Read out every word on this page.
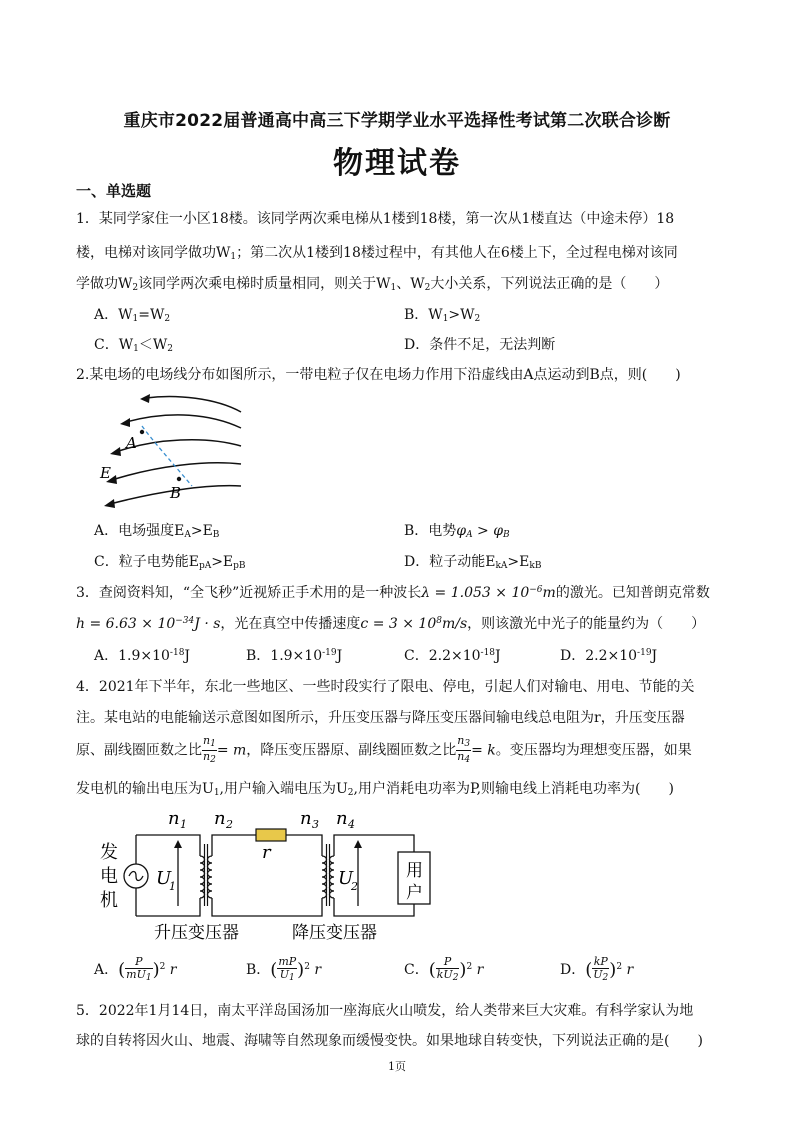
重庆市2022届普通高中高三下学期学业水平选择性考试第二次联合诊断
物理试卷
一、单选题
1．某同学家住一小区18楼。该同学两次乘电梯从1楼到18楼，第一次从1楼直达（中途未停）18
楼，电梯对该同学做功$W_1$；第二次从1楼到18楼过程中，有其他人在6楼上下，全过程电梯对该同
学做功$W_2$该同学两次乘电梯时质量相同，则关于$W_1$、$W_2$大小关系，下列说法正确的是（　　）
A．$W_1=W_2$	B．$W_1>W_2$
C．$W_1<W_2$	D．条件不足，无法判断
2.某电场的电场线分布如图所示，一带电粒子仅在电场力作用下沿虚线由A点运动到B点，则(　　)
A
B
E
A．电场强度$E_A>E_B$	B．电势$\varphi_A > \varphi_B$
C．粒子电势能$E_{pA}>E_{pB}$	D．粒子动能$E_{kA}>E_{kB}$
3．查阅资料知，“全飞秒”近视矫正手术用的是一种波长$\lambda = 1.053 \times 10^{-6}m$的激光。已知普朗克常数
$h = 6.63 \times 10^{-34}J \cdot s$，光在真空中传播速度$c = 3 \times 10^8m/s$，则该激光中光子的能量约为（　　）
A．$1.9\times 10^{-18}J$	B．$1.9\times 10^{-19}J$	C．$2.2\times 10^{-18}J$	D．$2.2\times 10^{-19}J$
4．2021年下半年，东北一些地区、一些时段实行了限电、停电，引起人们对输电、用电、节能的关
注。某电站的电能输送示意图如图所示，升压变压器与降压变压器间输电线总电阻为r，升压变压器
原、副线圈匝数之比 $\frac{n_1}{n_2} = m$，降压变压器原、副线圈匝数之比 $\frac{n_3}{n_4} = k$。变压器均为理想变压器，如果
发电机的输出电压为$U_1$,用户输入端电压为$U_2$,用户消耗电功率为P,则输电线上消耗电功率为(　　)
发
电
机
n n	n n
r
U	U
1	2	3	4
1	2
用
户
升压变压器	降压变压器
A．( $\frac{P}{mU_1} )^2$ r	B．( $\frac{mP}{U_1} )^2$ r	C．( $\frac{P}{kU_2} )^2$ r	D．( $\frac{kP}{U_2} )^2$ r
5．2022年1月14日，南太平洋岛国汤加一座海底火山喷发，给人类带来巨大灾难。有科学家认为地
球的自转将因火山、地震、海啸等自然现象而缓慢变快。如果地球自转变快，下列说法正确的是(　　)
1页
